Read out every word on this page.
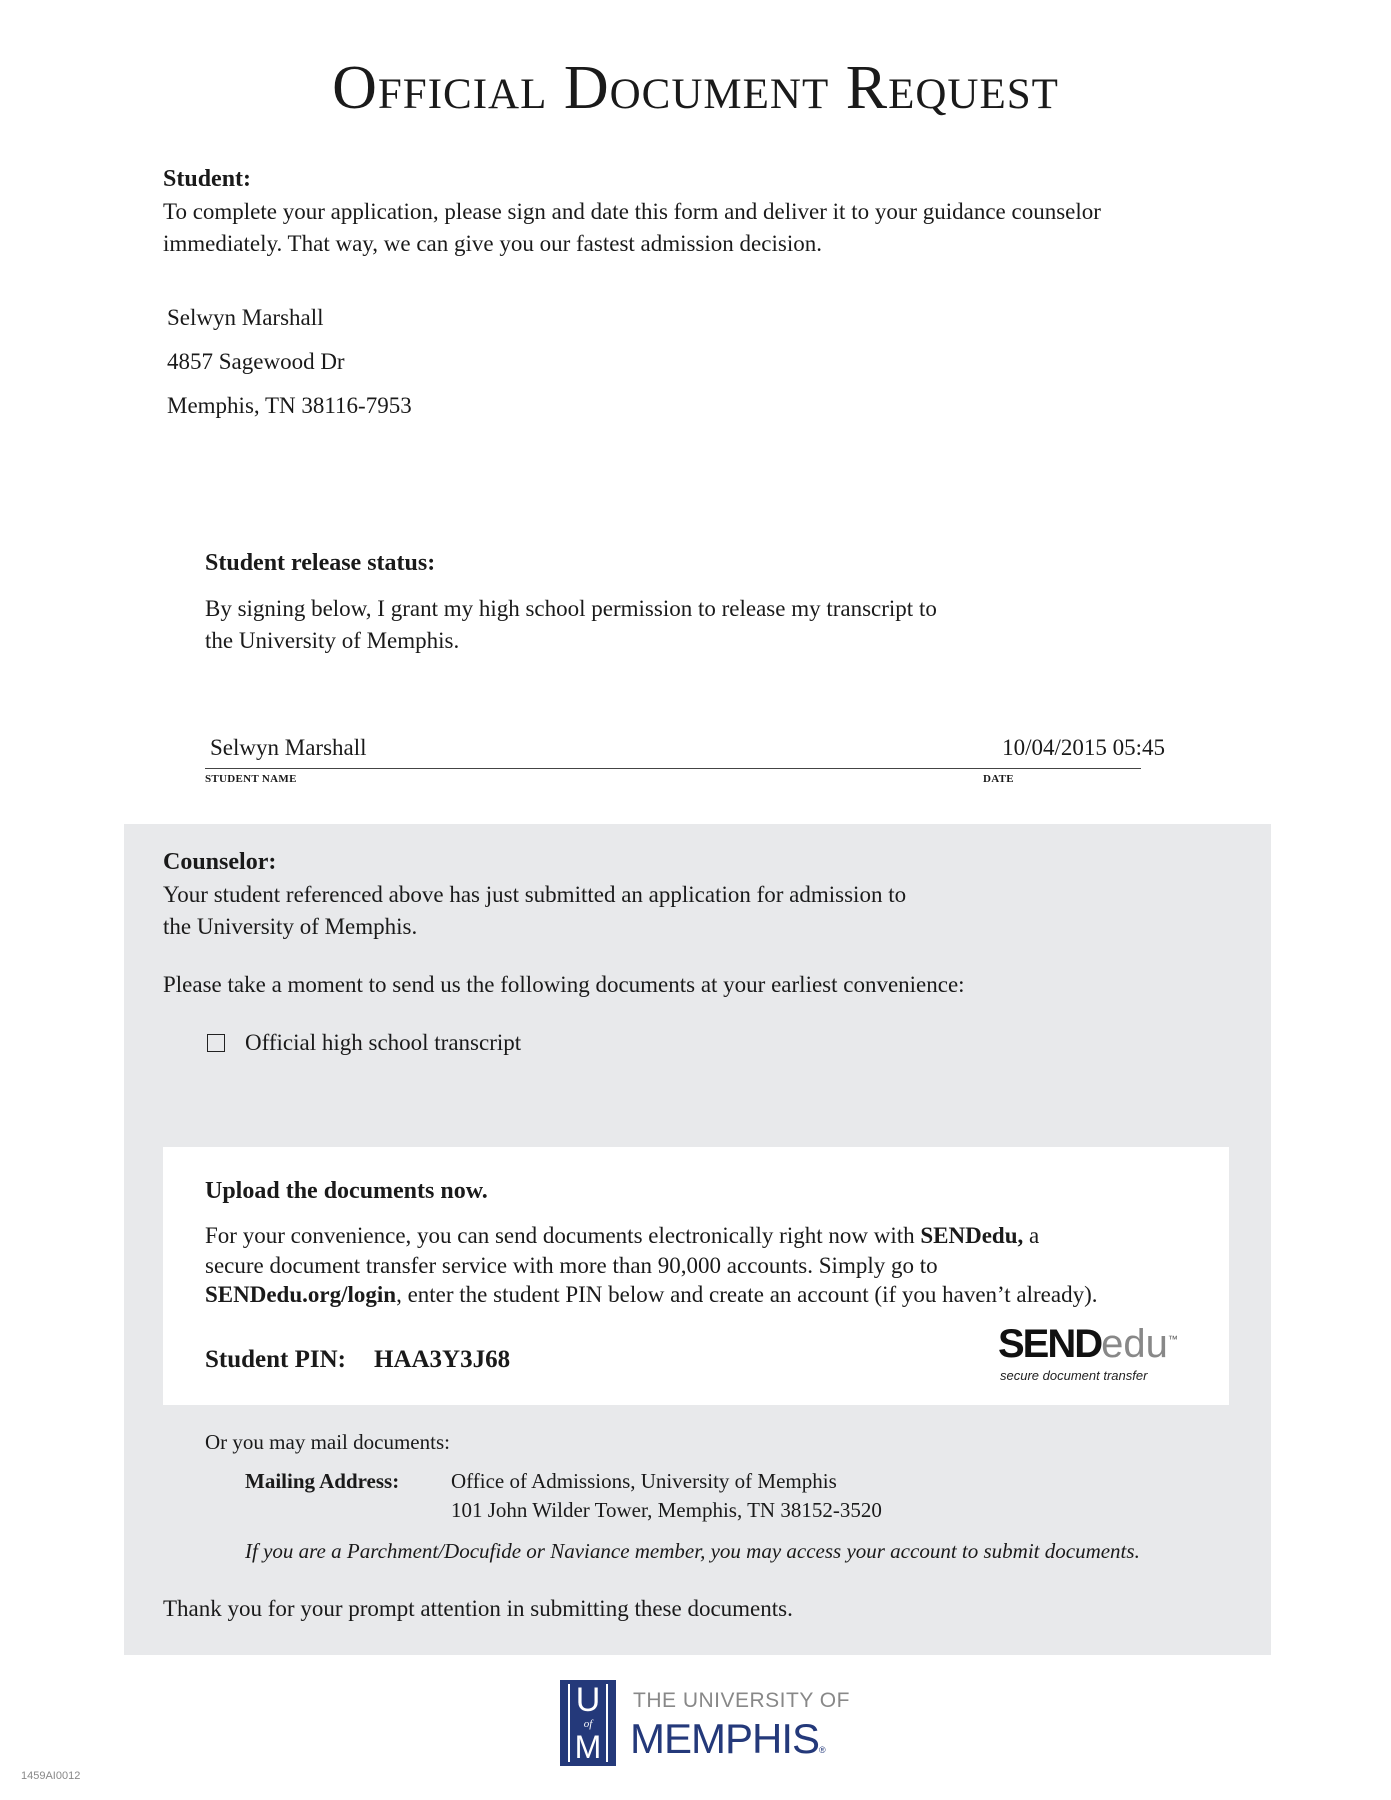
Official Document Request
Student:
To complete your application, please sign and date this form and deliver it to your guidance counselor
immediately. That way, we can give you our fastest admission decision.
Selwyn Marshall
4857 Sagewood Dr
Memphis, TN 38116-7953
Student release status:
By signing below, I grant my high school permission to release my transcript to
the University of Memphis.
Selwyn Marshall	10/04/2015 05:45
STUDENT NAME	DATE
Counselor:
Your student referenced above has just submitted an application for admission to
the University of Memphis.
Please take a moment to send us the following documents at your earliest convenience:
Official high school transcript
Upload the documents now.
For your convenience, you can send documents electronically right now with SENDedu, a
secure document transfer service with more than 90,000 accounts. Simply go to
SENDedu.org/login, enter the student PIN below and create an account (if you haven’t already).
Student PIN: HAA3Y3J68	SENDedu™
secure document transfer
Or you may mail documents:
Mailing Address: Office of Admissions, University of Memphis
101 John Wilder Tower, Memphis, TN 38152-3520
If you are a Parchment/Docufide or Naviance member, you may access your account to submit documents.
Thank you for your prompt attention in submitting these documents.
U
of
M
THE UNIVERSITY OF
MEMPHIS®
1459AI0012
